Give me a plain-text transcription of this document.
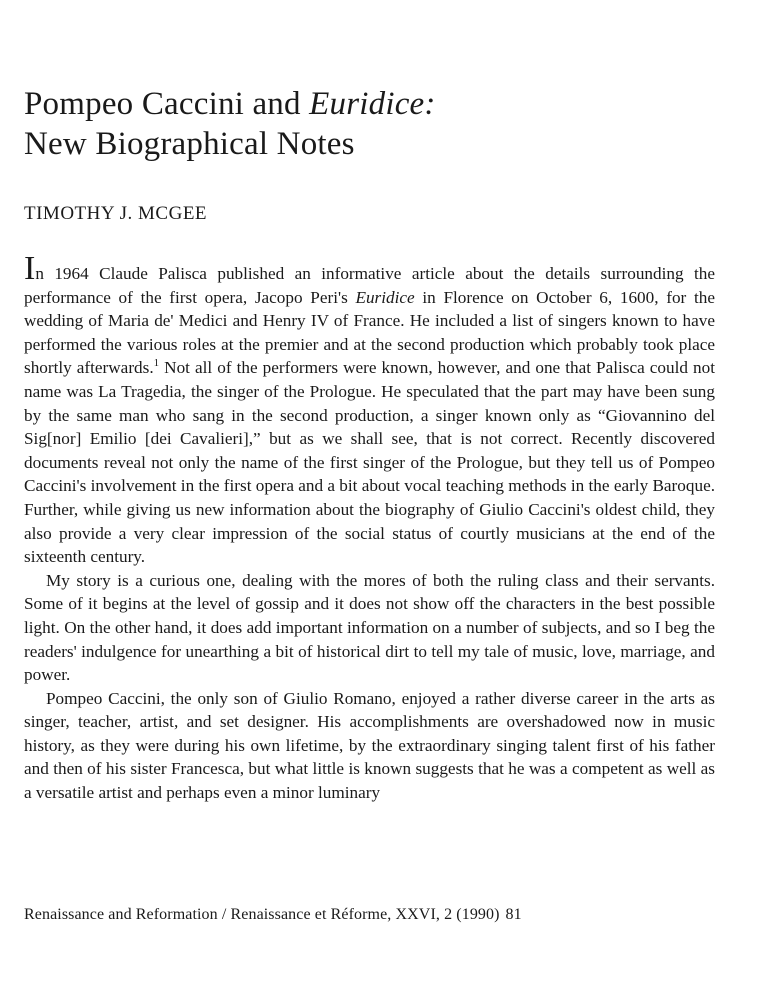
Pompeo Caccini and Euridice:
New Biographical Notes
TIMOTHY J. MCGEE

In 1964 Claude Palisca published an informative article about the details surrounding the performance of the first opera, Jacopo Peri's Euridice in Florence on October 6, 1600, for the wedding of Maria de' Medici and Henry IV of France. He included a list of singers known to have performed the various roles at the premier and at the second production which probably took place shortly afterwards.$^1$ Not all of the performers were known, however, and one that Palisca could not name was La Tragedia, the singer of the Prologue. He speculated that the part may have been sung by the same man who sang in the second production, a singer known only as “Giovannino del Sig[nor] Emilio [dei Cavalieri],” but as we shall see, that is not correct. Recently discovered documents reveal not only the name of the first singer of the Prologue, but they tell us of Pompeo Caccini's involvement in the first opera and a bit about vocal teaching methods in the early Baroque. Further, while giving us new information about the biography of Giulio Caccini's oldest child, they also provide a very clear impression of the social status of courtly musicians at the end of the sixteenth century.

My story is a curious one, dealing with the mores of both the ruling class and their servants. Some of it begins at the level of gossip and it does not show off the characters in the best possible light. On the other hand, it does add important information on a number of subjects, and so I beg the readers' indulgence for unearthing a bit of historical dirt to tell my tale of music, love, marriage, and power.

Pompeo Caccini, the only son of Giulio Romano, enjoyed a rather diverse career in the arts as singer, teacher, artist, and set designer. His accomplishments are overshadowed now in music history, as they were during his own lifetime, by the extraordinary singing talent first of his father and then of his sister Francesca, but what little is known suggests that he was a competent as well as a versatile artist and perhaps even a minor luminary

Renaissance and Reformation / Renaissance et Réforme, XXVI, 2 (1990) 81
